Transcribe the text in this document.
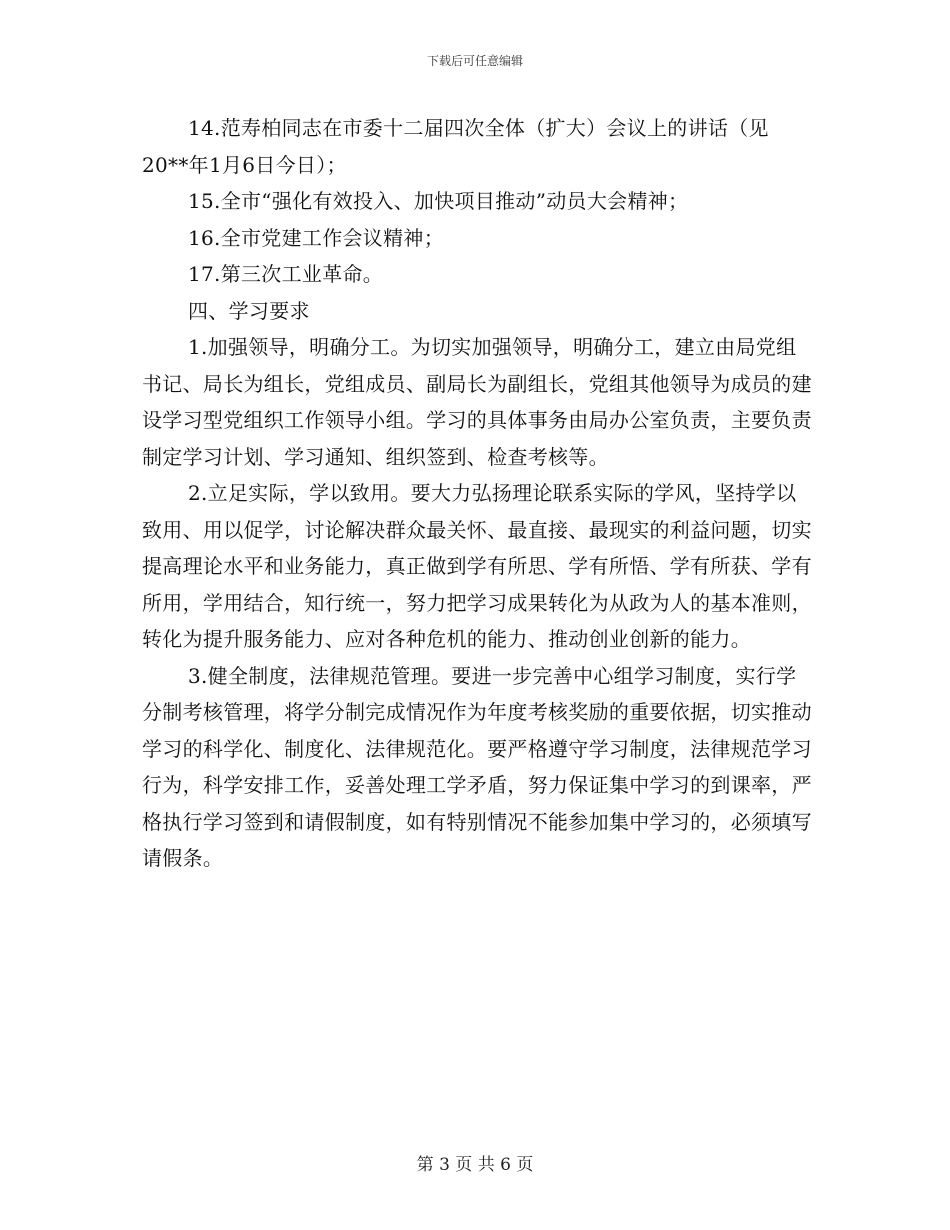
下载后可任意编辑

14.范寿柏同志在市委十二届四次全体（扩大）会议上的讲话（见20**年1月6日今日）；

15.全市“强化有效投入、加快项目推动”动员大会精神；

16.全市党建工作会议精神；

17.第三次工业革命。

四、学习要求

1.加强领导，明确分工。为切实加强领导，明确分工，建立由局党组书记、局长为组长，党组成员、副局长为副组长，党组其他领导为成员的建设学习型党组织工作领导小组。学习的具体事务由局办公室负责，主要负责制定学习计划、学习通知、组织签到、检查考核等。

2.立足实际，学以致用。要大力弘扬理论联系实际的学风，坚持学以致用、用以促学，讨论解决群众最关怀、最直接、最现实的利益问题，切实提高理论水平和业务能力，真正做到学有所思、学有所悟、学有所获、学有所用，学用结合，知行统一，努力把学习成果转化为从政为人的基本准则，转化为提升服务能力、应对各种危机的能力、推动创业创新的能力。

3.健全制度，法律规范管理。要进一步完善中心组学习制度，实行学分制考核管理，将学分制完成情况作为年度考核奖励的重要依据，切实推动学习的科学化、制度化、法律规范化。要严格遵守学习制度，法律规范学习行为，科学安排工作，妥善处理工学矛盾，努力保证集中学习的到课率，严格执行学习签到和请假制度，如有特别情况不能参加集中学习的，必须填写请假条。

第 3 页 共 6 页
